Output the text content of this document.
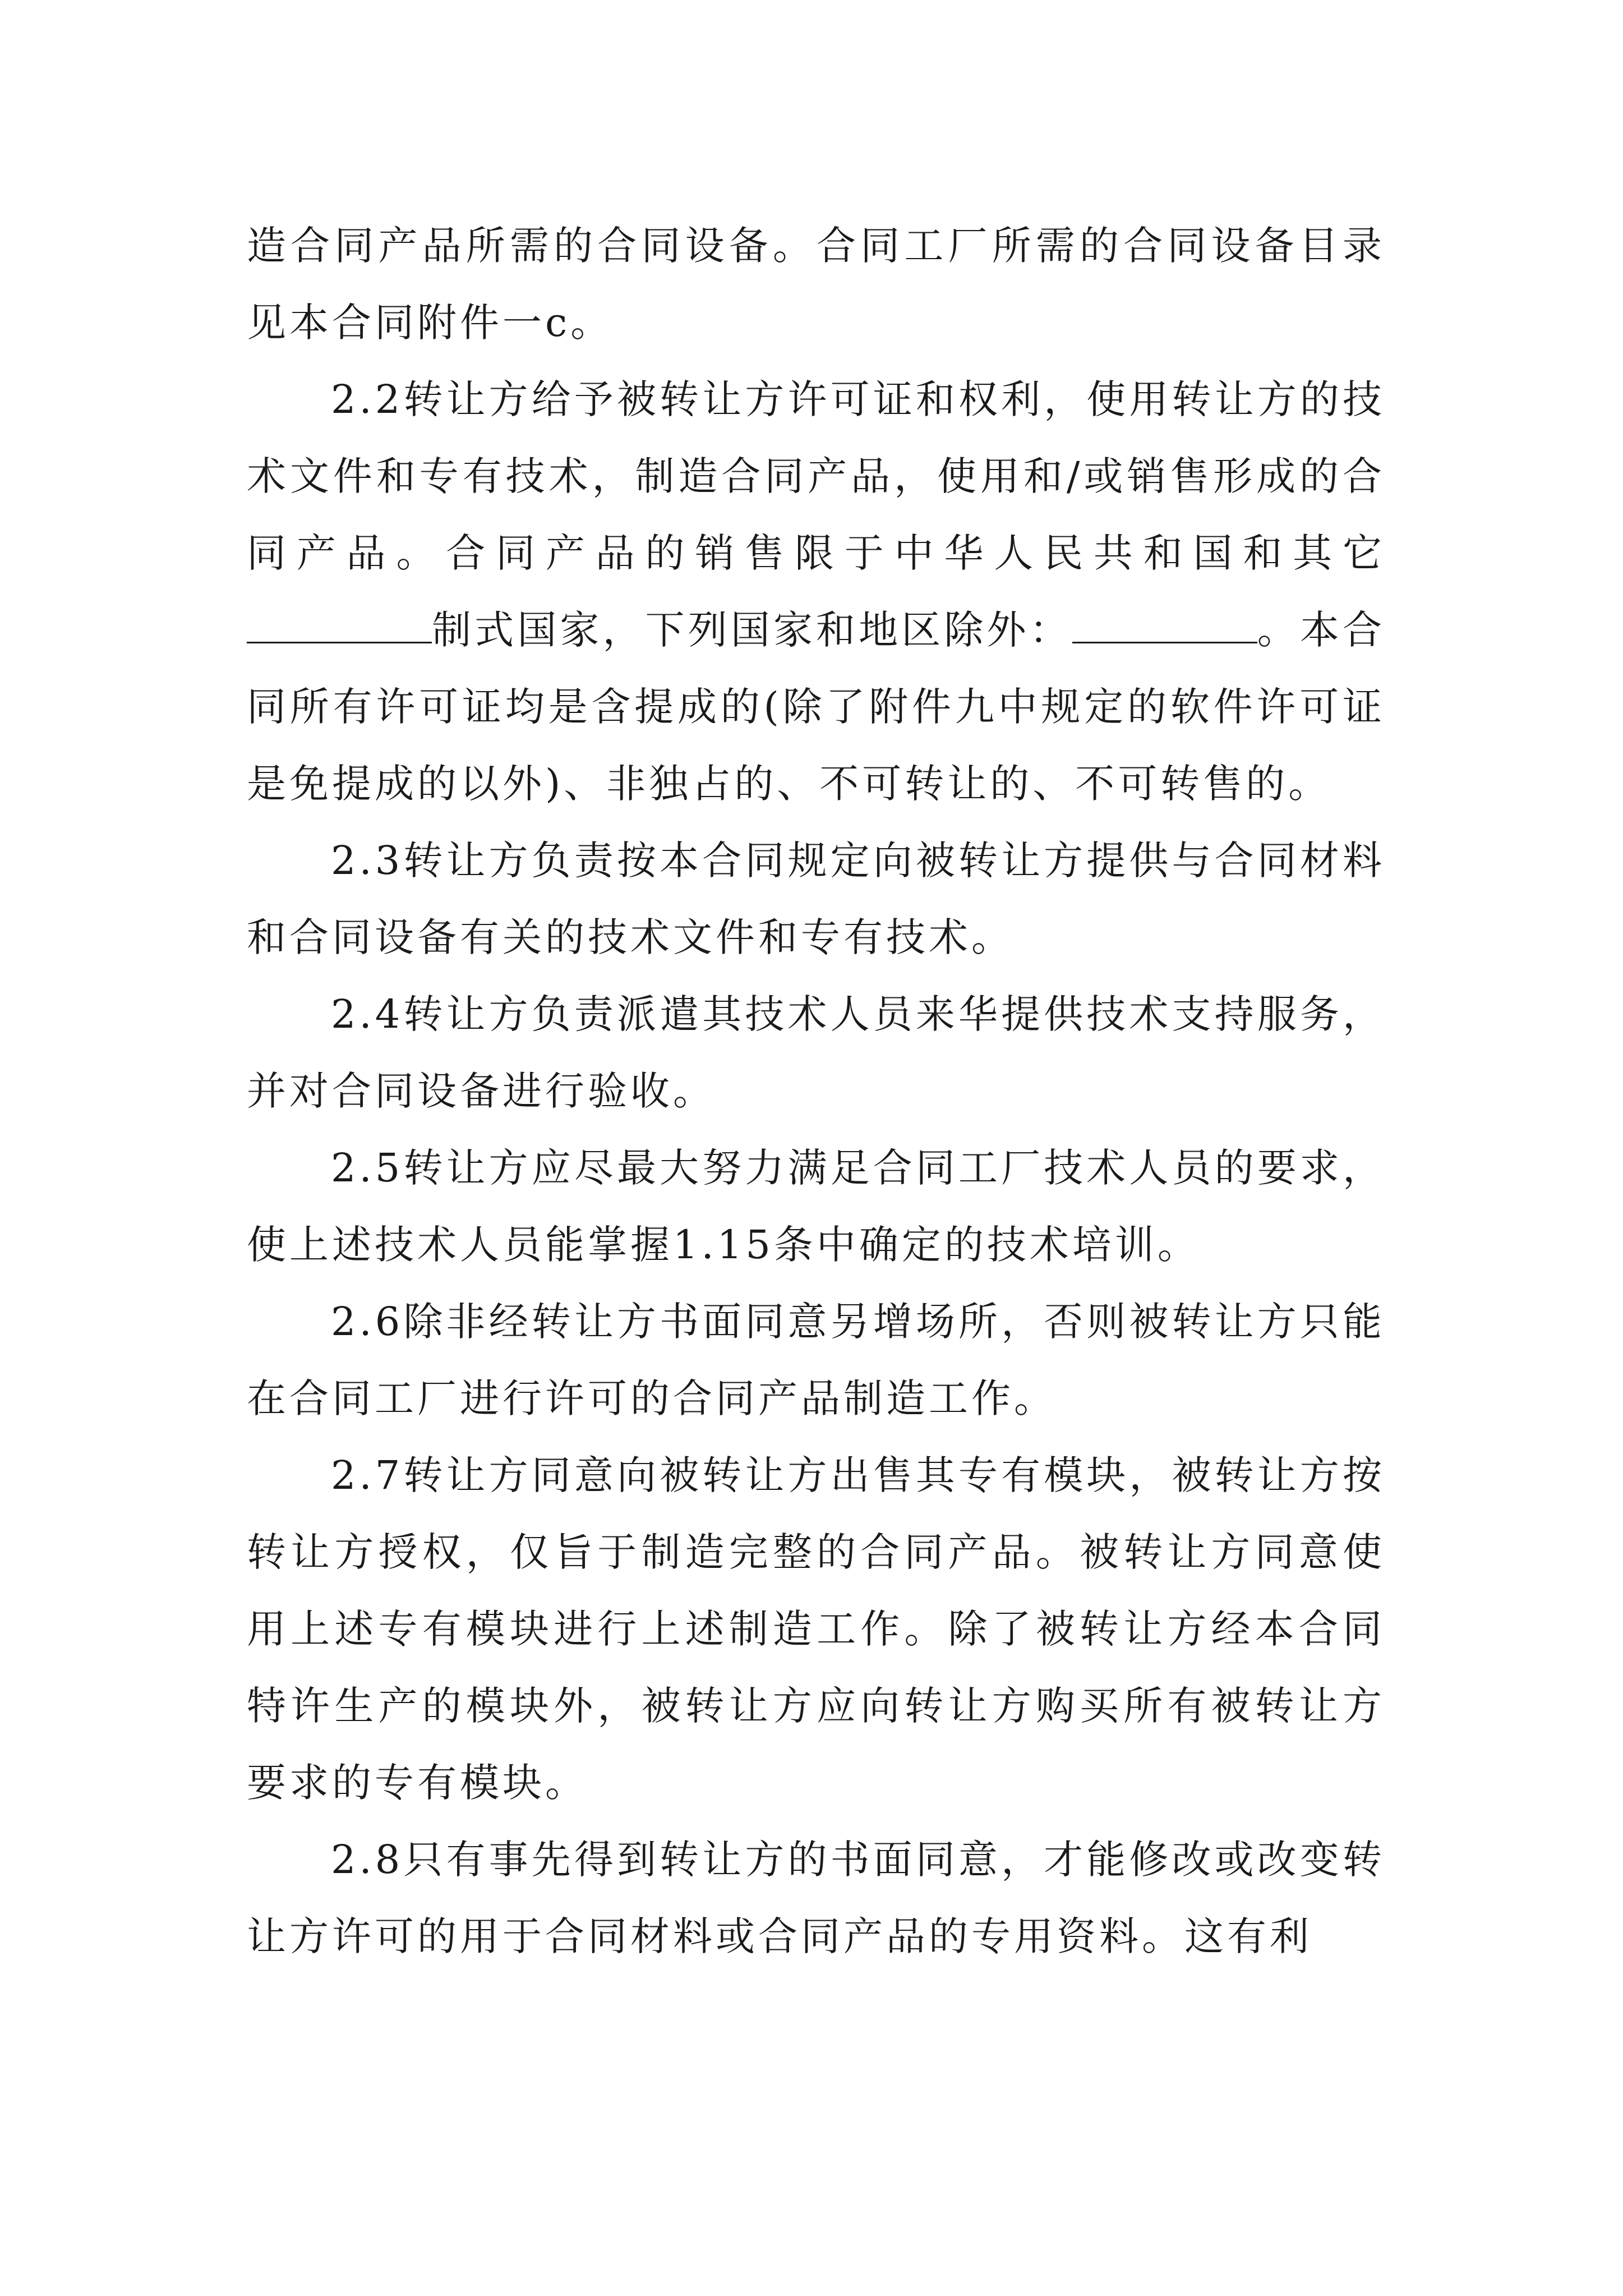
造合同产品所需的合同设备。合同工厂所需的合同设备目录见本合同附件一c。

2.2转让方给予被转让方许可证和权利，使用转让方的技术文件和专有技术，制造合同产品，使用和/或销售形成的合同产品。合同产品的销售限于中华人民共和国和其它制式国家，下列国家和地区除外：	。本合同所有许可证均是含提成的(除了附件九中规定的软件许可证是免提成的以外)、非独占的、不可转让的、不可转售的。

2.3转让方负责按本合同规定向被转让方提供与合同材料和合同设备有关的技术文件和专有技术。

2.4转让方负责派遣其技术人员来华提供技术支持服务，并对合同设备进行验收。

2.5转让方应尽最大努力满足合同工厂技术人员的要求，使上述技术人员能掌握1.15条中确定的技术培训。

2.6除非经转让方书面同意另增场所，否则被转让方只能在合同工厂进行许可的合同产品制造工作。

2.7转让方同意向被转让方出售其专有模块，被转让方按转让方授权，仅旨于制造完整的合同产品。被转让方同意使用上述专有模块进行上述制造工作。除了被转让方经本合同特许生产的模块外，被转让方应向转让方购买所有被转让方要求的专有模块。

2.8只有事先得到转让方的书面同意，才能修改或改变转让方许可的用于合同材料或合同产品的专用资料。这有利
